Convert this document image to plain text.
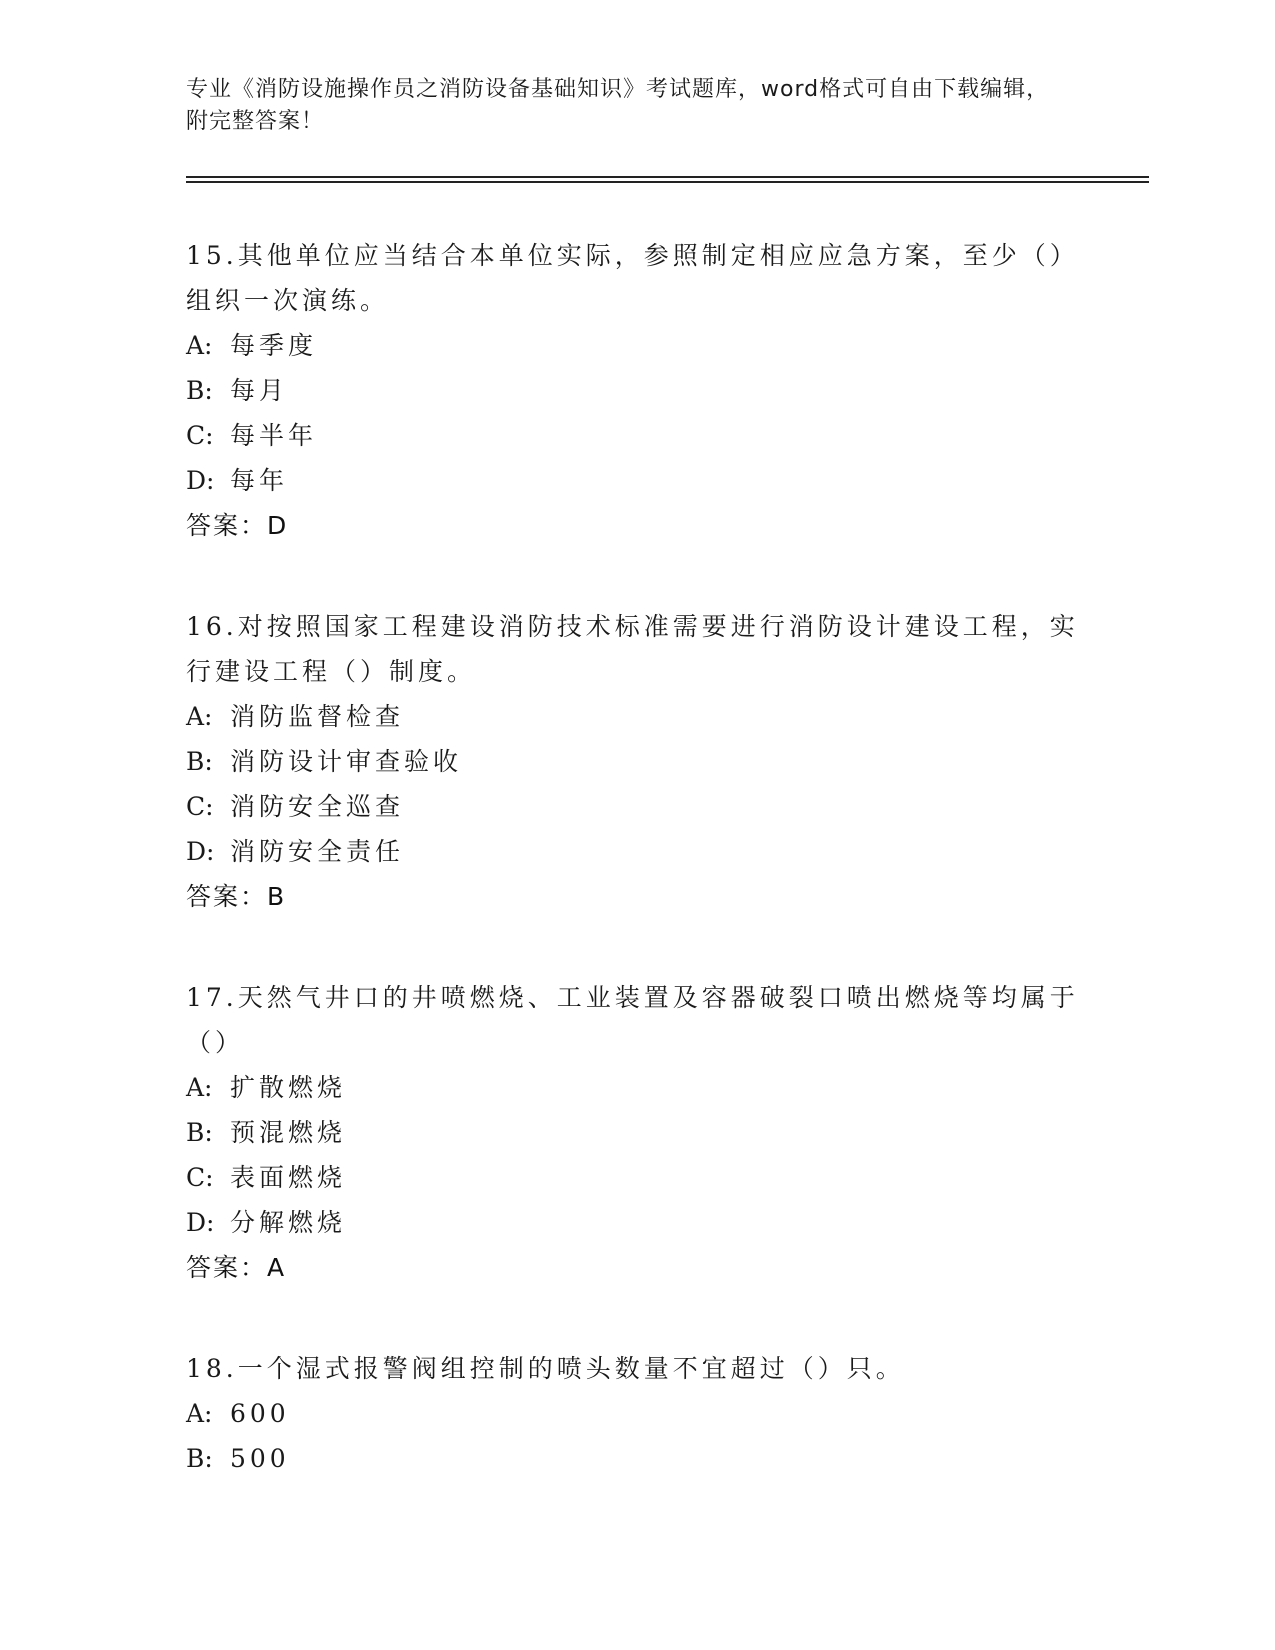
专业《消防设施操作员之消防设备基础知识》考试题库，word格式可自由下载编辑，附完整答案！
15.其他单位应当结合本单位实际，参照制定相应应急方案，至少（）组织一次演练。
A: 每季度
B: 每月
C: 每半年
D: 每年
答案：D
16.对按照国家工程建设消防技术标准需要进行消防设计建设工程，实行建设工程（）制度。
A: 消防监督检查
B: 消防设计审查验收
C: 消防安全巡查
D: 消防安全责任
答案：B
17.天然气井口的井喷燃烧、工业装置及容器破裂口喷出燃烧等均属于（）
A: 扩散燃烧
B: 预混燃烧
C: 表面燃烧
D: 分解燃烧
答案：A
18.一个湿式报警阀组控制的喷头数量不宜超过（）只。
A: 600
B: 500
